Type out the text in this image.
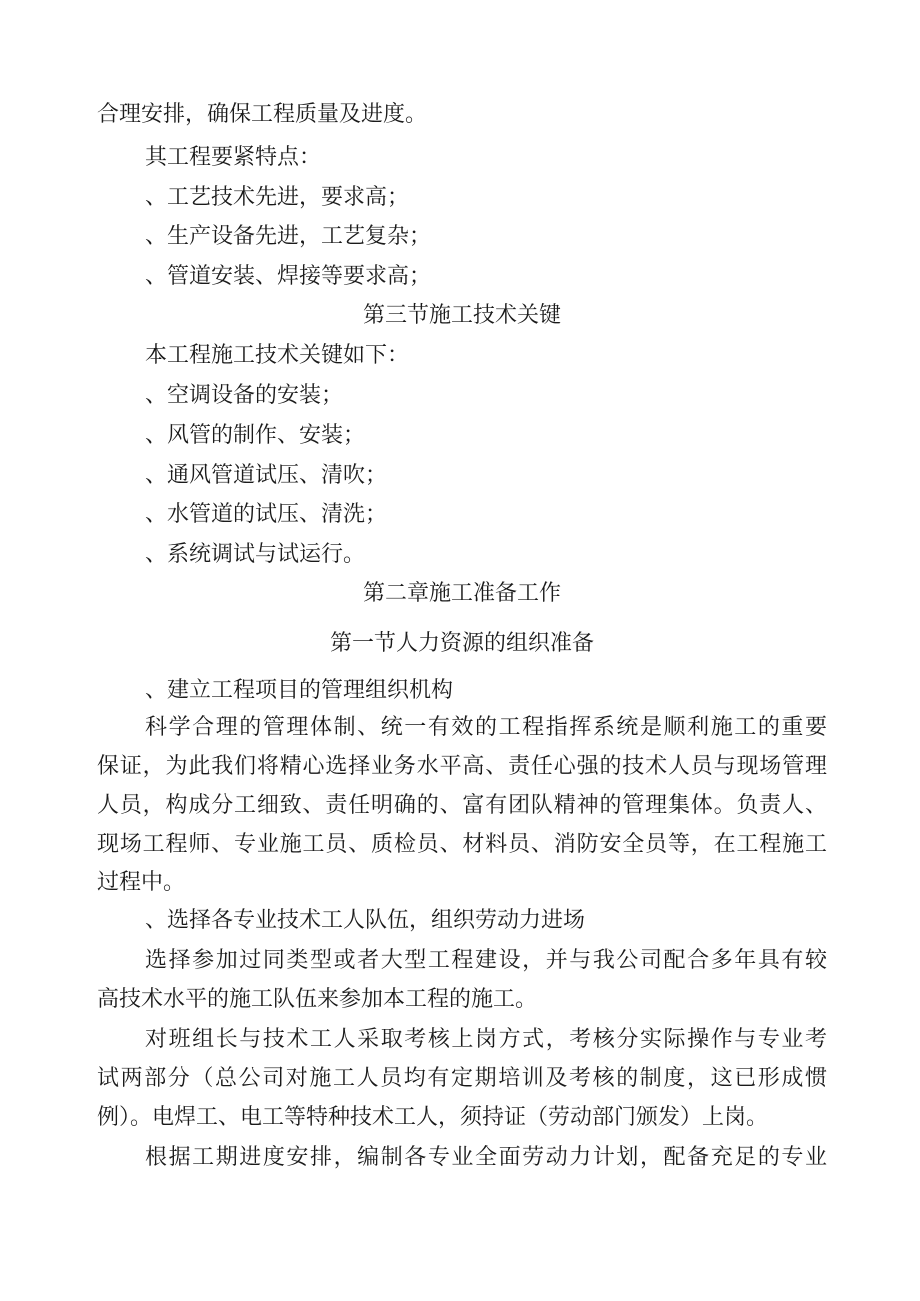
合理安排，确保工程质量及进度。
其工程要紧特点：
、工艺技术先进，要求高；
、生产设备先进，工艺复杂；
、管道安装、焊接等要求高；
第三节施工技术关键
本工程施工技术关键如下：
、空调设备的安装；
、风管的制作、安装；
、通风管道试压、清吹；
、水管道的试压、清洗；
、系统调试与试运行。
第二章施工准备工作
第一节人力资源的组织准备
、建立工程项目的管理组织机构
科学合理的管理体制、统一有效的工程指挥系统是顺利施工的重要
保证，为此我们将精心选择业务水平高、责任心强的技术人员与现场管理
人员，构成分工细致、责任明确的、富有团队精神的管理集体。负责人、
现场工程师、专业施工员、质检员、材料员、消防安全员等，在工程施工
过程中。
、选择各专业技术工人队伍，组织劳动力进场
选择参加过同类型或者大型工程建设，并与我公司配合多年具有较
高技术水平的施工队伍来参加本工程的施工。
对班组长与技术工人采取考核上岗方式，考核分实际操作与专业考
试两部分（总公司对施工人员均有定期培训及考核的制度，这已形成惯
例）。电焊工、电工等特种技术工人，须持证（劳动部门颁发）上岗。
根据工期进度安排，编制各专业全面劳动力计划，配备充足的专业
